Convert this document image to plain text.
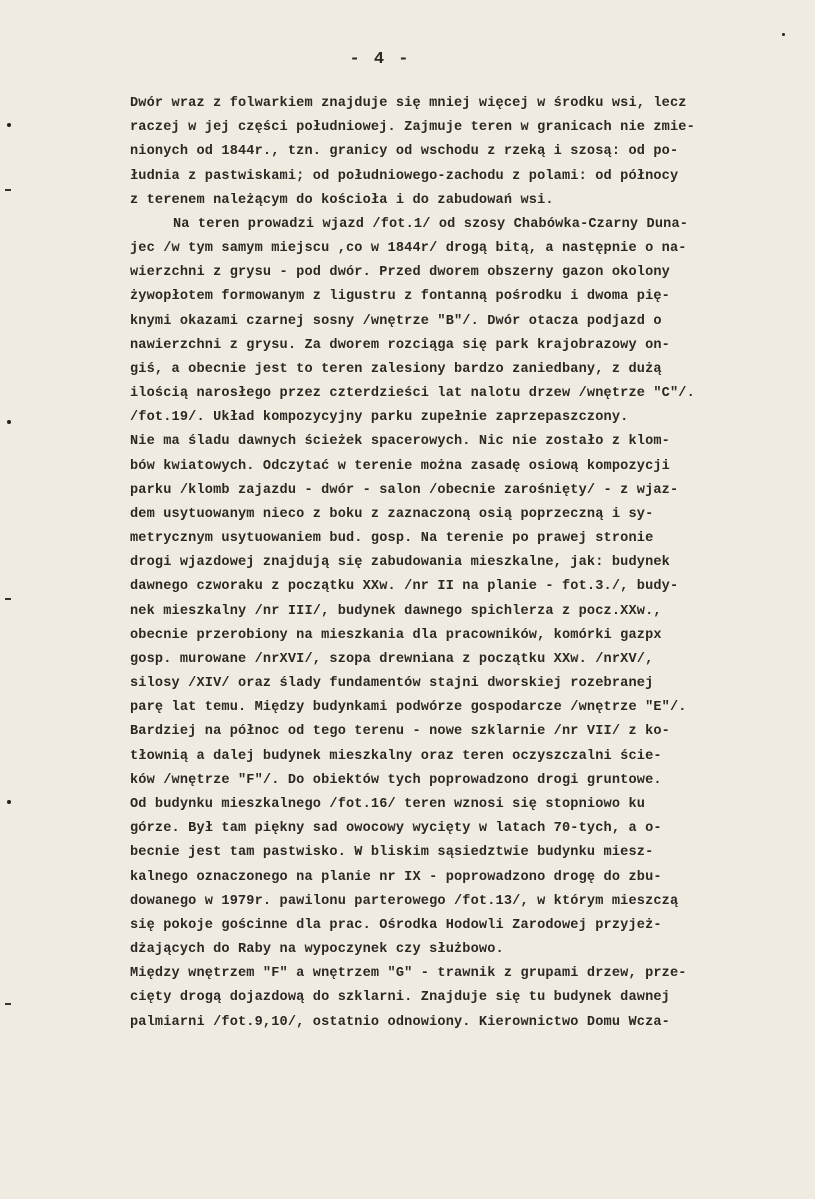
- 4 -
Dwór wraz z folwarkiem znajduje się mniej więcej w środku wsi, lecz
raczej w jej części południowej. Zajmuje teren w granicach nie zmie-
nionych od 1844r., tzn. granicy od wschodu z rzeką i szosą: od po-
łudnia z pastwiskami; od południowego-zachodu z polami: od północy
z terenem należącym do kościoła i do zabudowań wsi.
Na teren prowadzi wjazd /fot.1/ od szosy Chabówka-Czarny Duna-
jec /w tym samym miejscu ,co w 1844r/ drogą bitą, a następnie o na-
wierzchni z grysu - pod dwór. Przed dworem obszerny gazon okolony
żywopłotem formowanym z ligustru z fontanną pośrodku i dwoma pię-
knymi okazami czarnej sosny /wnętrze "B"/. Dwór otacza podjazd o
nawierzchni z grysu. Za dworem rozciąga się park krajobrazowy on-
giś, a obecnie jest to teren zalesiony bardzo zaniedbany, z dużą
ilością narosłego przez czterdzieści lat nalotu drzew /wnętrze "C"/.
/fot.19/. Układ kompozycyjny parku zupełnie zaprzepaszczony.
Nie ma śladu dawnych ścieżek spacerowych. Nic nie zostało z klom-
bów kwiatowych. Odczytać w terenie można zasadę osiową kompozycji
parku /klomb zajazdu - dwór - salon /obecnie zarośnięty/ - z wjaz-
dem usytuowanym nieco z boku z zaznaczoną osią poprzeczną i sy-
metrycznym usytuowaniem bud. gosp. Na terenie po prawej stronie
drogi wjazdowej znajdują się zabudowania mieszkalne, jak: budynek
dawnego czworaku z początku XXw. /nr II na planie - fot.3./, budy-
nek mieszkalny /nr III/, budynek dawnego spichlerza z pocz.XXw.,
obecnie przerobiony na mieszkania dla pracowników, komórki gazpx
gosp. murowane /nrXVI/, szopa drewniana z początku XXw. /nrXV/,
silosy /XIV/ oraz ślady fundamentów stajni dworskiej rozebranej
parę lat temu. Między budynkami podwórze gospodarcze /wnętrze "E"/.
Bardziej na północ od tego terenu - nowe szklarnie /nr VII/ z ko-
tłownią a dalej budynek mieszkalny oraz teren oczyszczalni ście-
ków /wnętrze "F"/. Do obiektów tych poprowadzono drogi gruntowe.
Od budynku mieszkalnego /fot.16/ teren wznosi się stopniowo ku
górze. Był tam piękny sad owocowy wycięty w latach 70-tych, a o-
becnie jest tam pastwisko. W bliskim sąsiedztwie budynku miesz-
kalnego oznaczonego na planie nr IX - poprowadzono drogę do zbu-
dowanego w 1979r. pawilonu parterowego /fot.13/, w którym mieszczą
się pokoje gościnne dla prac. Ośrodka Hodowli Zarodowej przyjeż-
dżających do Raby na wypoczynek czy służbowo.
Między wnętrzem "F" a wnętrzem "G" - trawnik z grupami drzew, prze-
cięty drogą dojazdową do szklarni. Znajduje się tu budynek dawnej
palmiarni /fot.9,10/, ostatnio odnowiony. Kierownictwo Domu Wcza-
